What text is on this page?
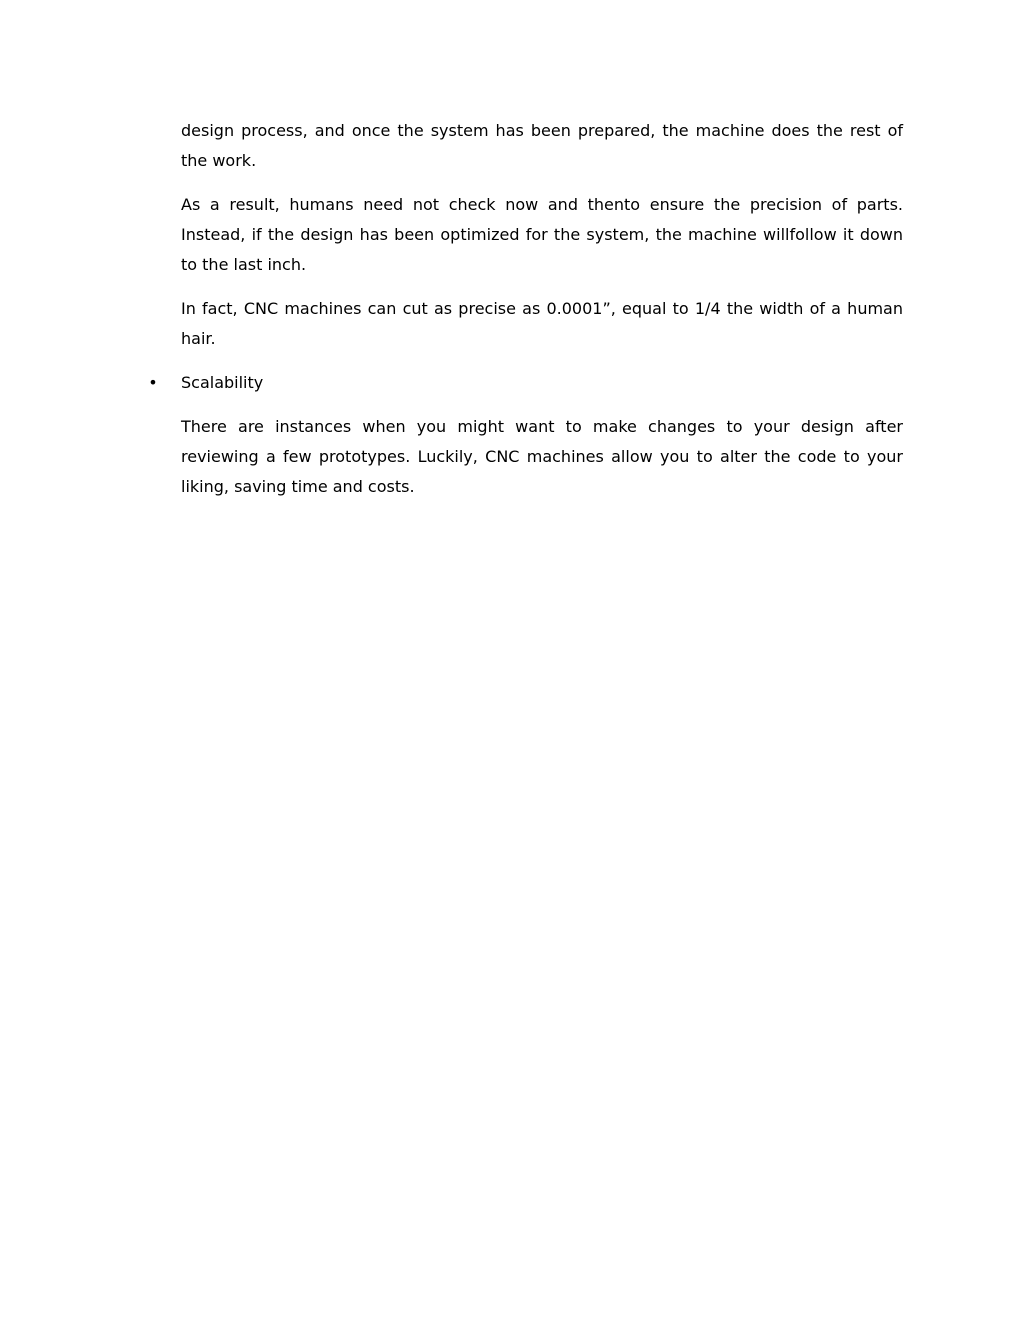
design process, and once the system has been prepared, the machine does the rest of the work.

As a result, humans need not check now and thento ensure the precision of parts. Instead, if the design has been optimized for the system, the machine willfollow it down to the last inch.

In fact, CNC machines can cut as precise as 0.0001”, equal to 1/4 the width of a human hair.

• Scalability

There are instances when you might want to make changes to your design after reviewing a few prototypes. Luckily, CNC machines allow you to alter the code to your liking, saving time and costs.
